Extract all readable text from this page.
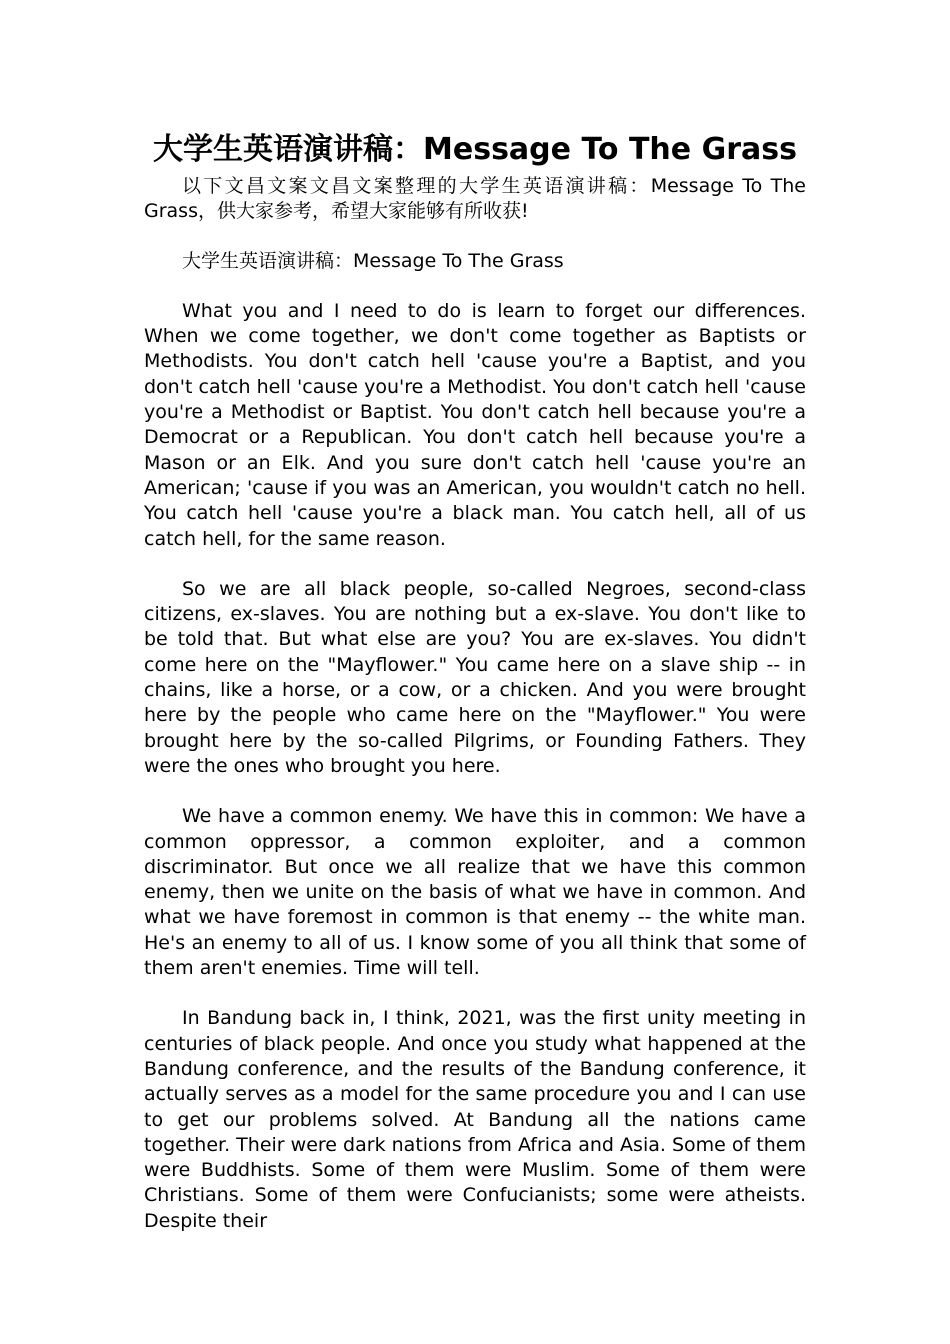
大学生英语演讲稿：Message To The Grass

以下文昌文案文昌文案整理的大学生英语演讲稿：Message To The Grass，供大家参考，希望大家能够有所收获!

大学生英语演讲稿：Message To The Grass

What you and I need to do is learn to forget our differences. When we come together, we don't come together as Baptists or Methodists. You don't catch hell 'cause you're a Baptist, and you don't catch hell 'cause you're a Methodist. You don't catch hell 'cause you're a Methodist or Baptist. You don't catch hell because you're a Democrat or a Republican. You don't catch hell because you're a Mason or an Elk. And you sure don't catch hell 'cause you're an American; 'cause if you was an American, you wouldn't catch no hell. You catch hell 'cause you're a black man. You catch hell, all of us catch hell, for the same reason.

So we are all black people, so-called Negroes, second-class citizens, ex-slaves. You are nothing but a ex-slave. You don't like to be told that. But what else are you? You are ex-slaves. You didn't come here on the "Mayflower." You came here on a slave ship -- in chains, like a horse, or a cow, or a chicken. And you were brought here by the people who came here on the "Mayflower." You were brought here by the so-called Pilgrims, or Founding Fathers. They were the ones who brought you here.

We have a common enemy. We have this in common: We have a common oppressor, a common exploiter, and a common discriminator. But once we all realize that we have this common enemy, then we unite on the basis of what we have in common. And what we have foremost in common is that enemy -- the white man. He's an enemy to all of us. I know some of you all think that some of them aren't enemies. Time will tell.

In Bandung back in, I think, 2021, was the first unity meeting in centuries of black people. And once you study what happened at the Bandung conference, and the results of the Bandung conference, it actually serves as a model for the same procedure you and I can use to get our problems solved. At Bandung all the nations came together. Their were dark nations from Africa and Asia. Some of them were Buddhists. Some of them were Muslim. Some of them were Christians. Some of them were Confucianists; some were atheists. Despite their
